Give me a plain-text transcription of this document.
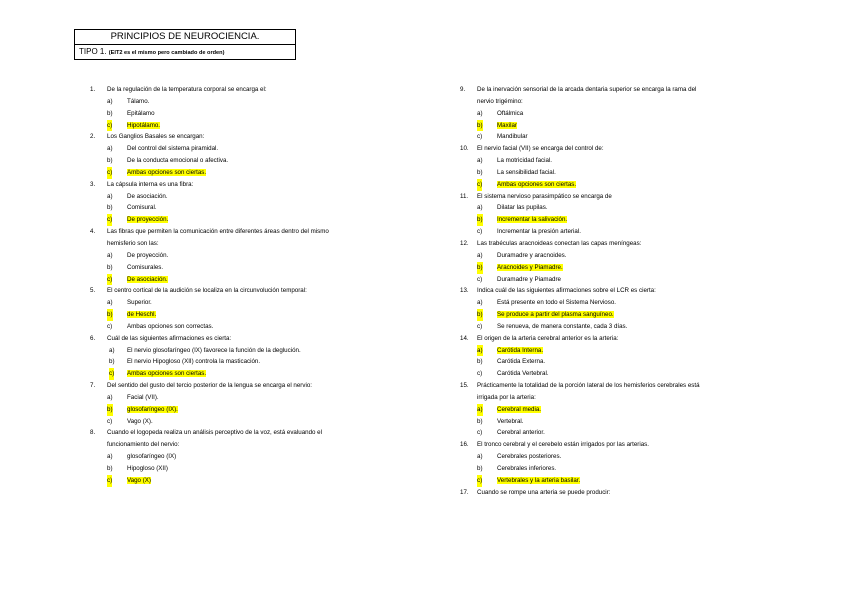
PRINCIPIOS DE NEUROCIENCIA.
TIPO 1. (EIT2 es el mismo pero cambiado de orden)
1. De la regulación de la temperatura corporal se encarga el:
a) Tálamo.
b) Epitálamo
c) Hipotálamo.
2. Los Ganglios Basales se encargan:
a) Del control del sistema piramidal.
b) De la conducta emocional o afectiva.
c) Ambas opciones son ciertas.
3. La cápsula interna es una fibra:
a) De asociación.
b) Comisural.
c) De proyección.
4. Las fibras que permiten la comunicación entre diferentes áreas dentro del mismo
hemisferio son las:
a) De proyección.
b) Comisurales.
c) De asociación.
5. El centro cortical de la audición se localiza en la circunvolución temporal:
a) Superior.
b) de Heschl.
c) Ambas opciones son correctas.
6. Cuál de las siguientes afirmaciones es cierta:
a) El nervio glosofaríngeo (IX) favorece la función de la deglución.
b) El nervio Hipogloso (XII) controla la masticación.
c) Ambas opciones son ciertas.
7. Del sentido del gusto del tercio posterior de la lengua se encarga el nervio:
a) Facial (VII).
b) glosofaríngeo (IX).
c) Vago (X).
8. Cuando el logopeda realiza un análisis perceptivo de la voz, está evaluando el
funcionamiento del nervio:
a) glosofaríngeo (IX)
b) Hipogloso (XII)
c) Vago (X)
9. De la inervación sensorial de la arcada dentaria superior se encarga la rama del
nervio trigémino:
a) Oftálmica
b) Maxilar
c) Mandibular
10. El nervio facial (VII) se encarga del control de:
a) La motricidad facial.
b) La sensibilidad facial.
c) Ambas opciones son ciertas.
11. El sistema nervioso parasimpático se encarga de
a) Dilatar las pupilas.
b) Incrementar la salivación.
c) Incrementar la presión arterial.
12. Las trabéculas aracnoideas conectan las capas meníngeas:
a) Duramadre y aracnoides.
b) Aracnoides y Piamadre.
c) Duramadre y Piamadre
13. Indica cuál de las siguientes afirmaciones sobre el LCR es cierta:
a) Está presente en todo el Sistema Nervioso.
b) Se produce a partir del plasma sanguíneo.
c) Se renueva, de manera constante, cada 3 días.
14. El origen de la arteria cerebral anterior es la arteria:
a) Carótida Interna.
b) Carótida Externa.
c) Carótida Vertebral.
15. Prácticamente la totalidad de la porción lateral de los hemisferios cerebrales está
irrigada por la arteria:
a) Cerebral media.
b) Vertebral.
c) Cerebral anterior.
16. El tronco cerebral y el cerebelo están irrigados por las arterias.
a) Cerebrales posteriores.
b) Cerebrales inferiores.
c) Vertebrales y la arteria basilar.
17. Cuando se rompe una arteria se puede producir:
